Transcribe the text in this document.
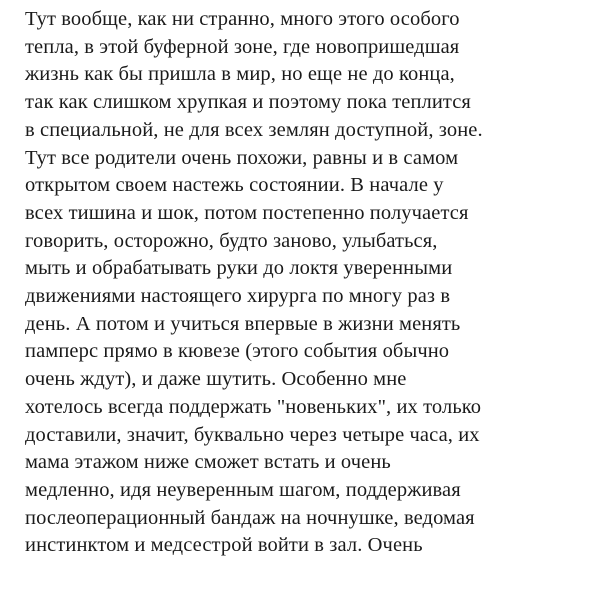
Тут вообще, как ни странно, много этого особого
тепла, в этой буферной зоне, где новопришедшая
жизнь как бы пришла в мир, но еще не до конца,
так как слишком хрупкая и поэтому пока теплится
в специальной, не для всех землян доступной, зоне.
Тут все родители очень похожи, равны и в самом
открытом своем настежь состоянии. В начале у
всех тишина и шок, потом постепенно получается
говорить, осторожно, будто заново, улыбаться,
мыть и обрабатывать руки до локтя уверенными
движениями настоящего хирурга по многу раз в
день. А потом и учиться впервые в жизни менять
памперс прямо в кювезе (этого события обычно
очень ждут), и даже шутить. Особенно мне
хотелось всегда поддержать "новеньких", их только
доставили, значит, буквально через четыре часа, их
мама этажом ниже сможет встать и очень
медленно, идя неуверенным шагом, поддерживая
послеоперационный бандаж на ночнушке, ведомая
инстинктом и медсестрой войти в зал. Очень
